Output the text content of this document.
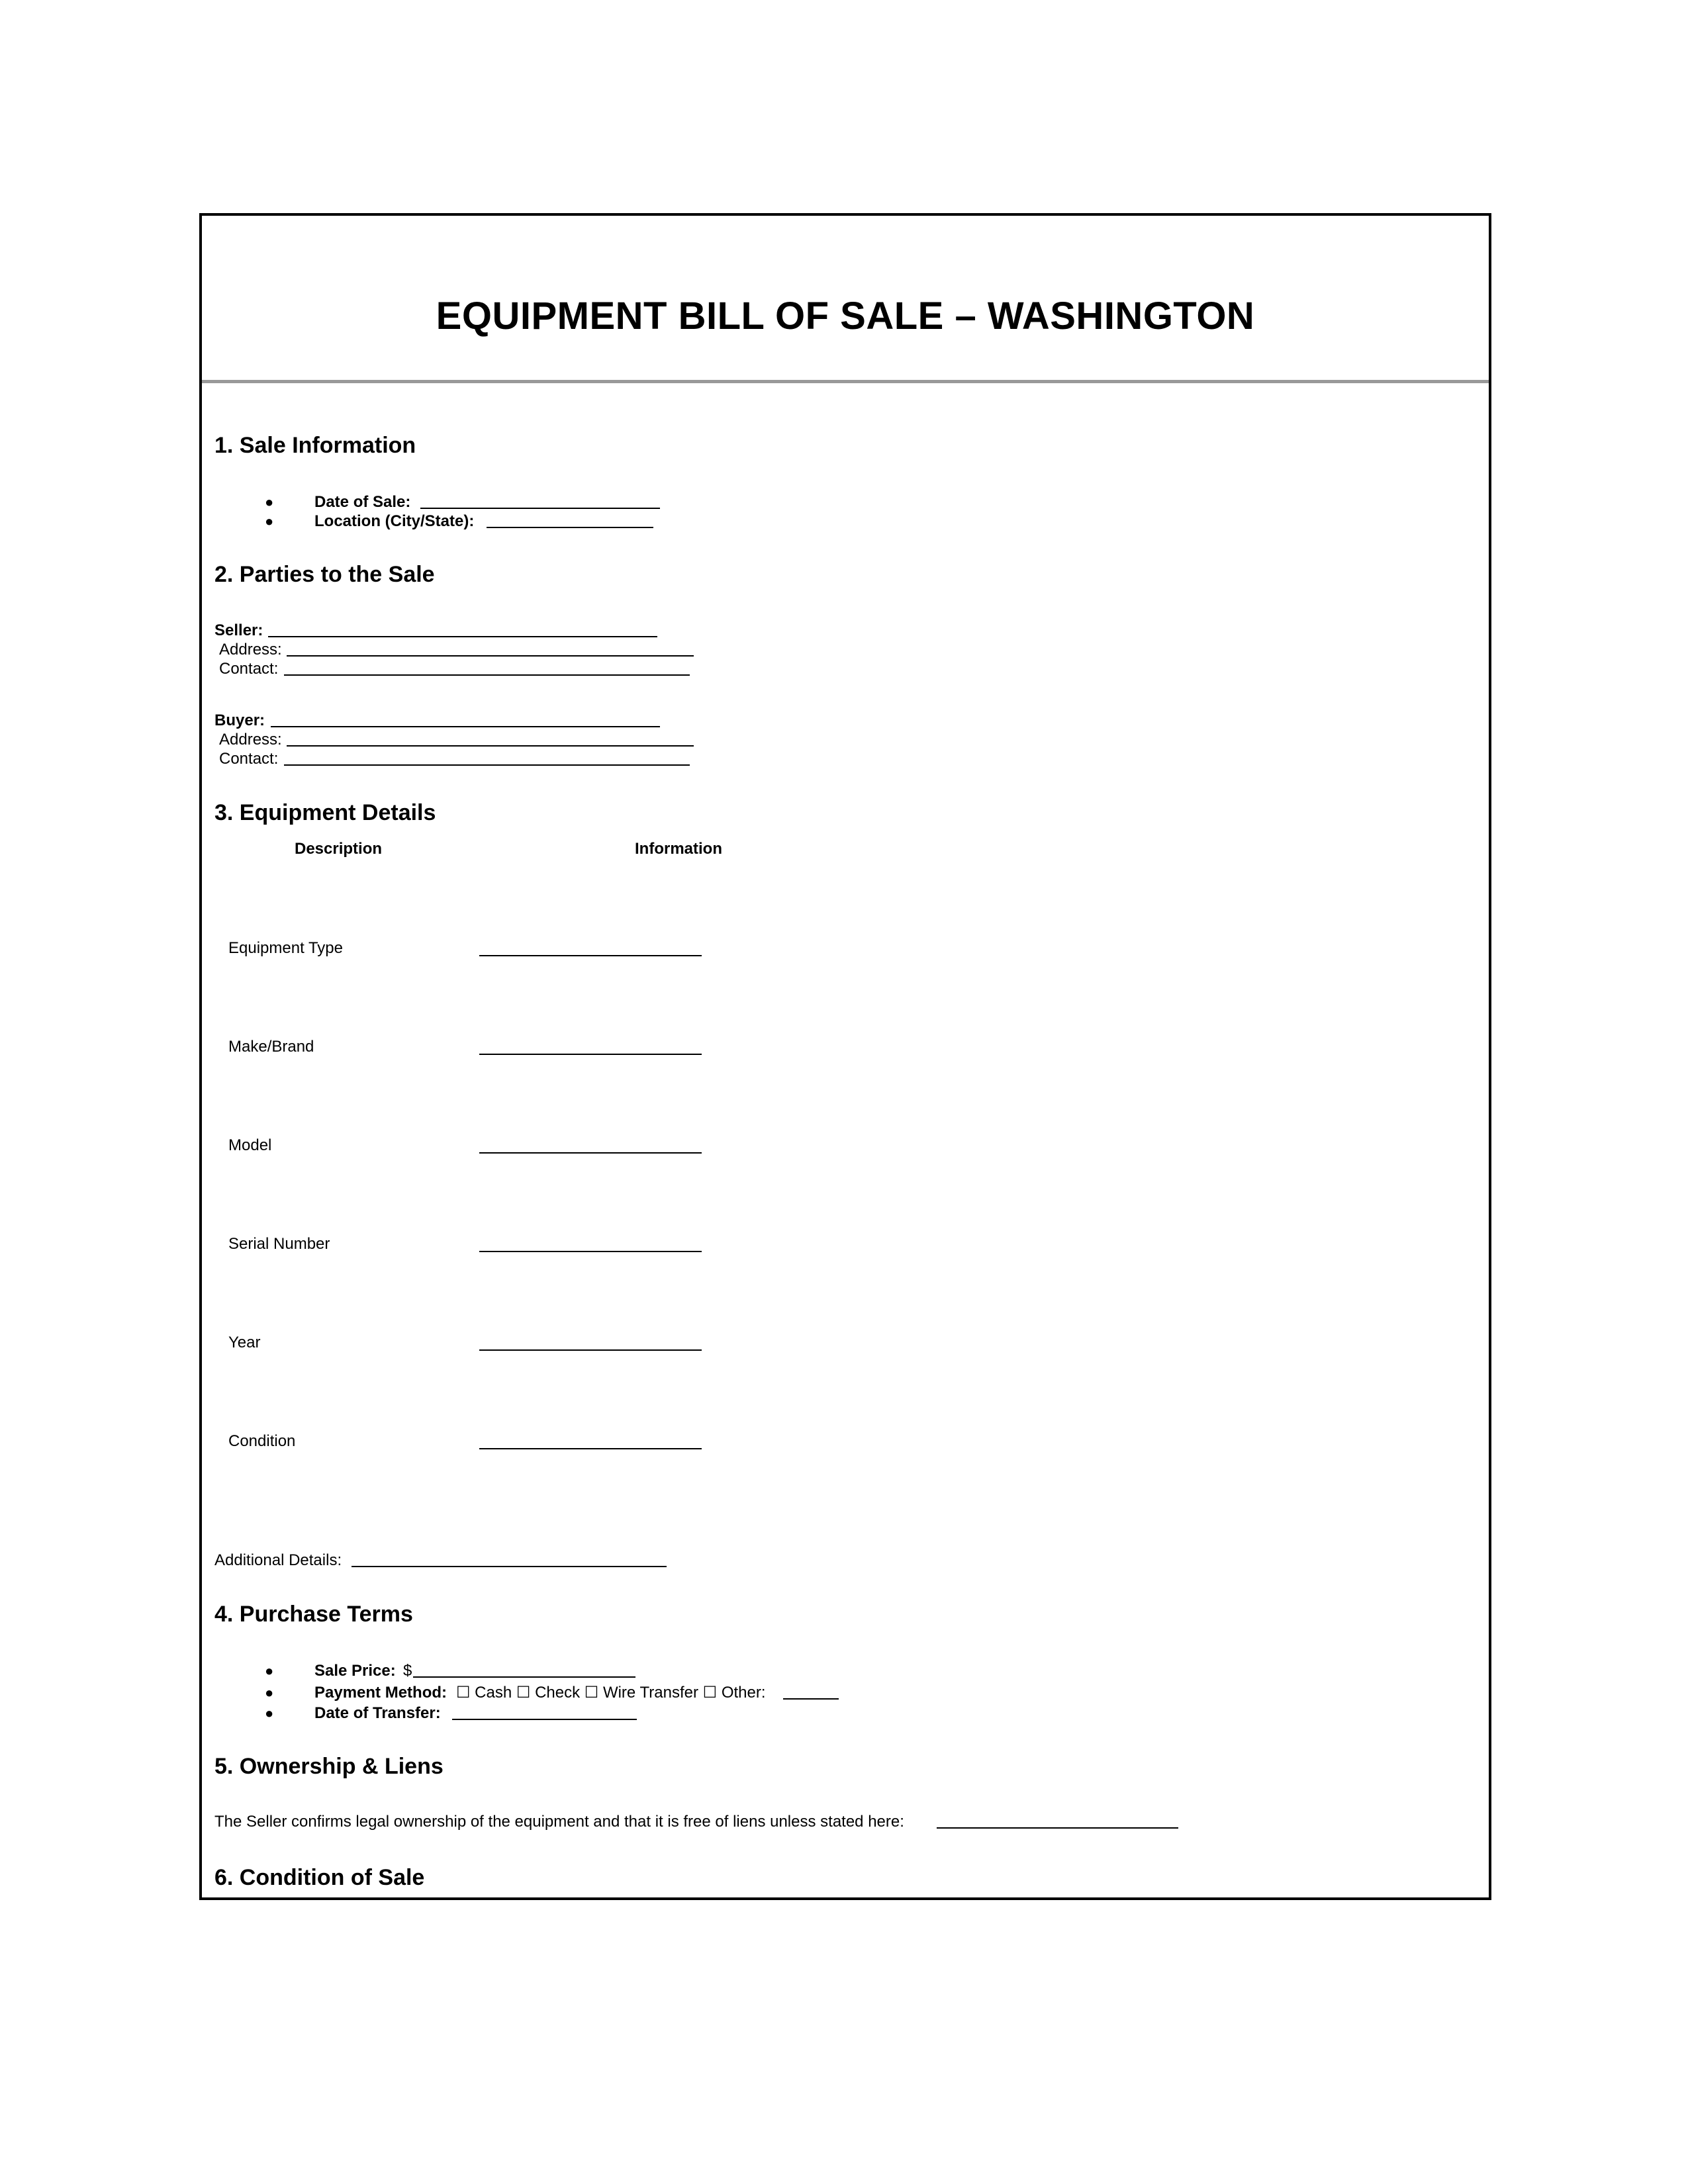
EQUIPMENT BILL OF SALE – WASHINGTON
1. Sale Information
●	Date of Sale:
●	Location (City/State):
2. Parties to the Sale
Seller:
Address:
Contact:
Buyer:
Address:
Contact:
3. Equipment Details
Description	Information
Equipment Type
Make/Brand
Model
Serial Number
Year
Condition
Additional Details:
4. Purchase Terms
●	Sale Price: $
●	Payment Method: ☐ Cash ☐ Check ☐ Wire Transfer ☐ Other:
●	Date of Transfer:
5. Ownership & Liens
The Seller confirms legal ownership of the equipment and that it is free of liens unless stated here:
6. Condition of Sale
